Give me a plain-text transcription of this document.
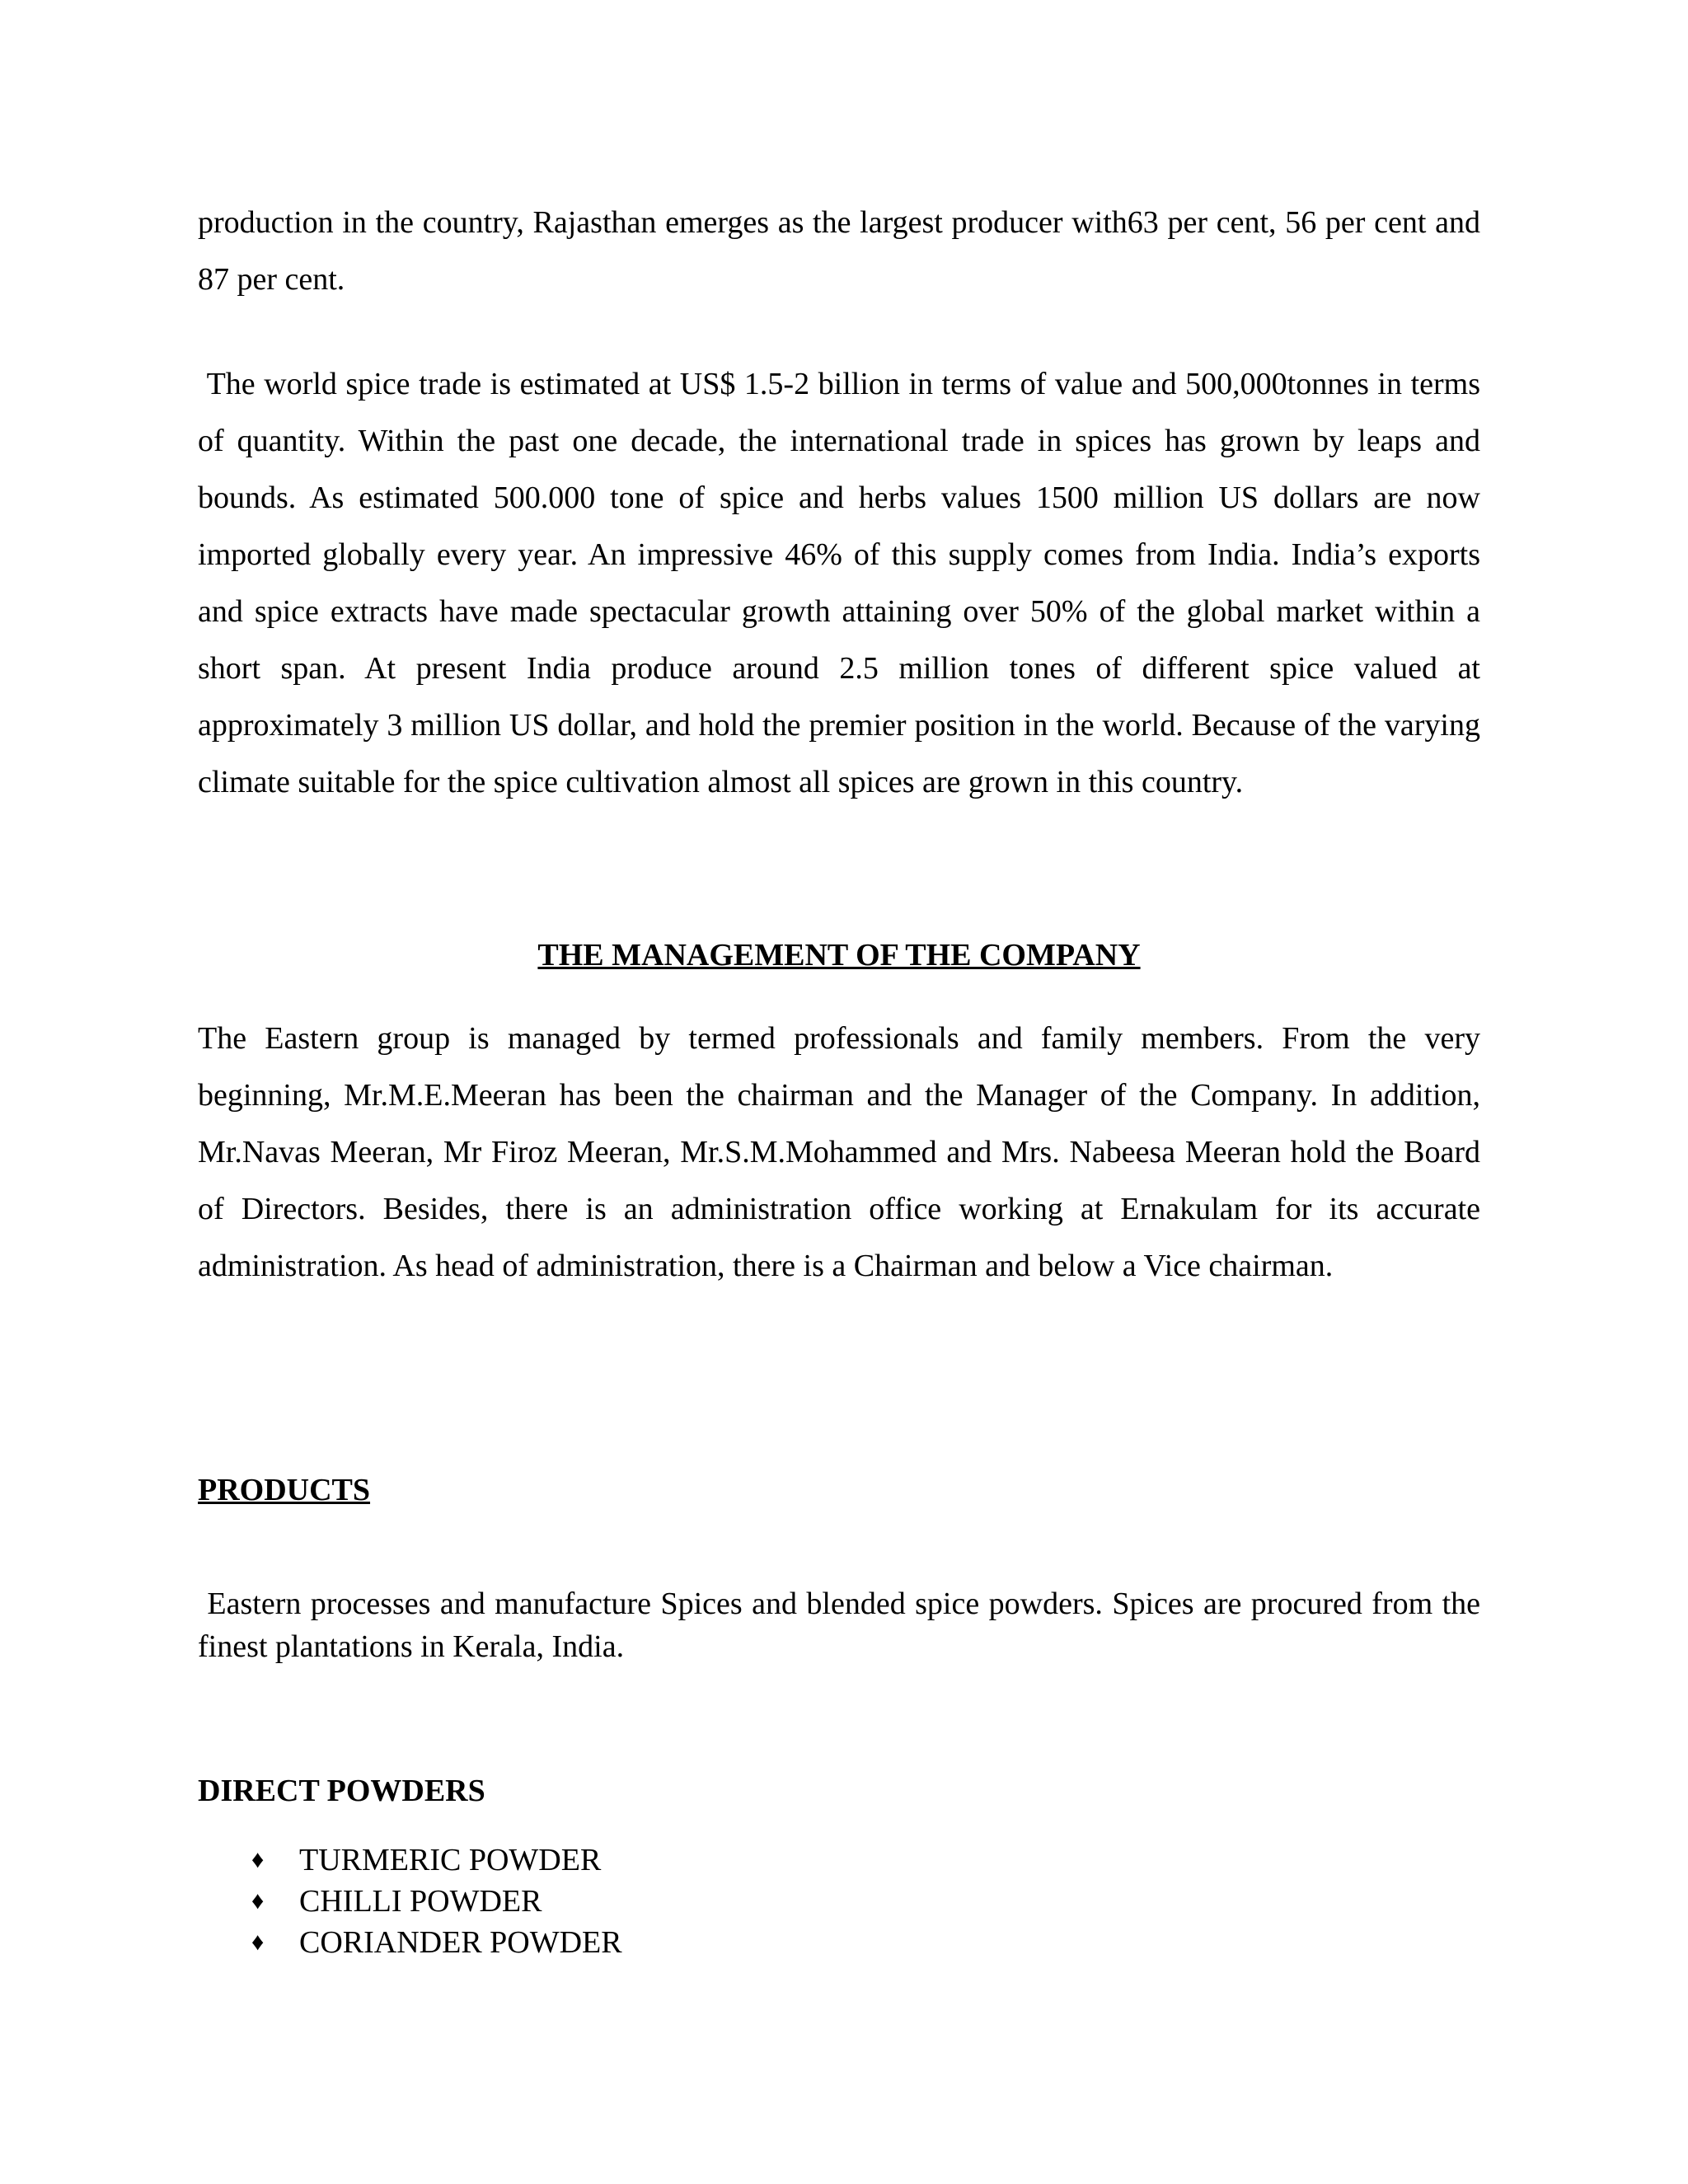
production in the country, Rajasthan emerges as the largest producer with63 per cent, 56 per cent and 87 per cent.

The world spice trade is estimated at US$ 1.5-2 billion in terms of value and 500,000tonnes in terms of quantity. Within the past one decade, the international trade in spices has grown by leaps and bounds. As estimated 500.000 tone of spice and herbs values 1500 million US dollars are now imported globally every year. An impressive 46% of this supply comes from India. India’s exports and spice extracts have made spectacular growth attaining over 50% of the global market within a short span. At present India produce around 2.5 million tones of different spice valued at approximately 3 million US dollar, and hold the premier position in the world. Because of the varying climate suitable for the spice cultivation almost all spices are grown in this country.

THE MANAGEMENT OF THE COMPANY

The Eastern group is managed by termed professionals and family members. From the very beginning, Mr.M.E.Meeran has been the chairman and the Manager of the Company. In addition, Mr.Navas Meeran, Mr Firoz Meeran, Mr.S.M.Mohammed and Mrs. Nabeesa Meeran hold the Board of Directors. Besides, there is an administration office working at Ernakulam for its accurate administration. As head of administration, there is a Chairman and below a Vice chairman.

PRODUCTS

Eastern processes and manufacture Spices and blended spice powders. Spices are procured from the finest plantations in Kerala, India.

DIRECT POWDERS
♦	TURMERIC POWDER
♦	CHILLI POWDER
♦	CORIANDER POWDER
